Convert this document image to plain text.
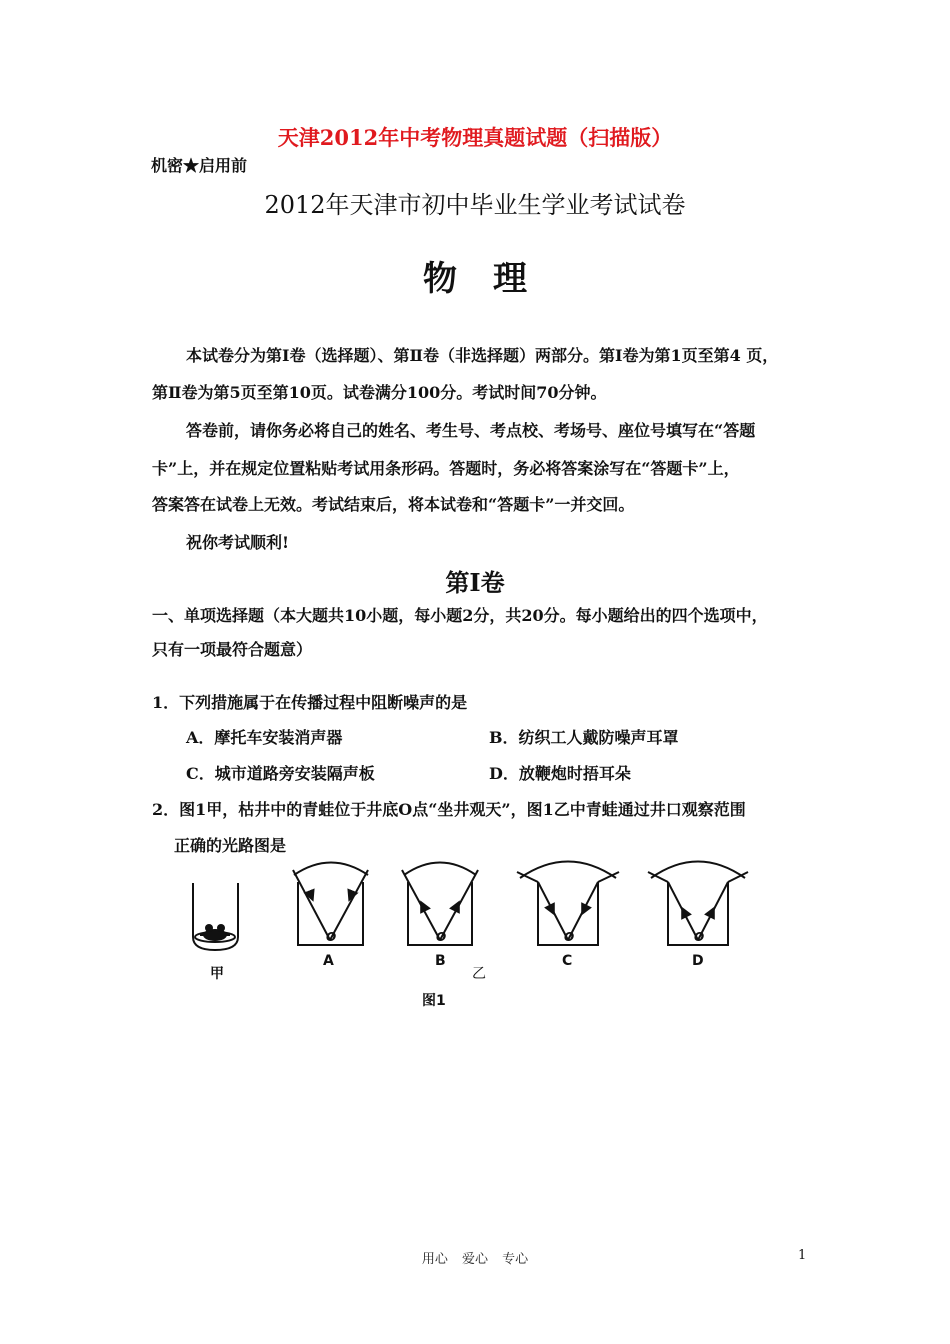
天津2012年中考物理真题试题（扫描版）
机密★启用前
2012年天津市初中毕业生学业考试试卷
物理
本试卷分为第Ⅰ卷（选择题）、第Ⅱ卷（非选择题）两部分。第Ⅰ卷为第1页至第4 页，
第Ⅱ卷为第5页至第10页。试卷满分100分。考试时间70分钟。
答卷前，请你务必将自己的姓名、考生号、考点校、考场号、座位号填写在“答题
卡”上，并在规定位置粘贴考试用条形码。答题时，务必将答案涂写在“答题卡”上，
答案答在试卷上无效。考试结束后，将本试卷和“答题卡”一并交回。
祝你考试顺利!
第Ⅰ卷
一、单项选择题（本大题共10小题，每小题2分，共20分。每小题给出的四个选项中，
只有一项最符合题意）
1．下列措施属于在传播过程中阻断噪声的是
A．摩托车安装消声器	B．纺织工人戴防噪声耳罩
C．城市道路旁安装隔声板	D．放鞭炮时捂耳朵
2．图1甲，枯井中的青蛙位于井底O点“坐井观天”，图1乙中青蛙通过井口观察范围
正确的光路图是
O	O	O	O
甲
A	B
乙
C	D
图1
用心 爱心 专心	1
